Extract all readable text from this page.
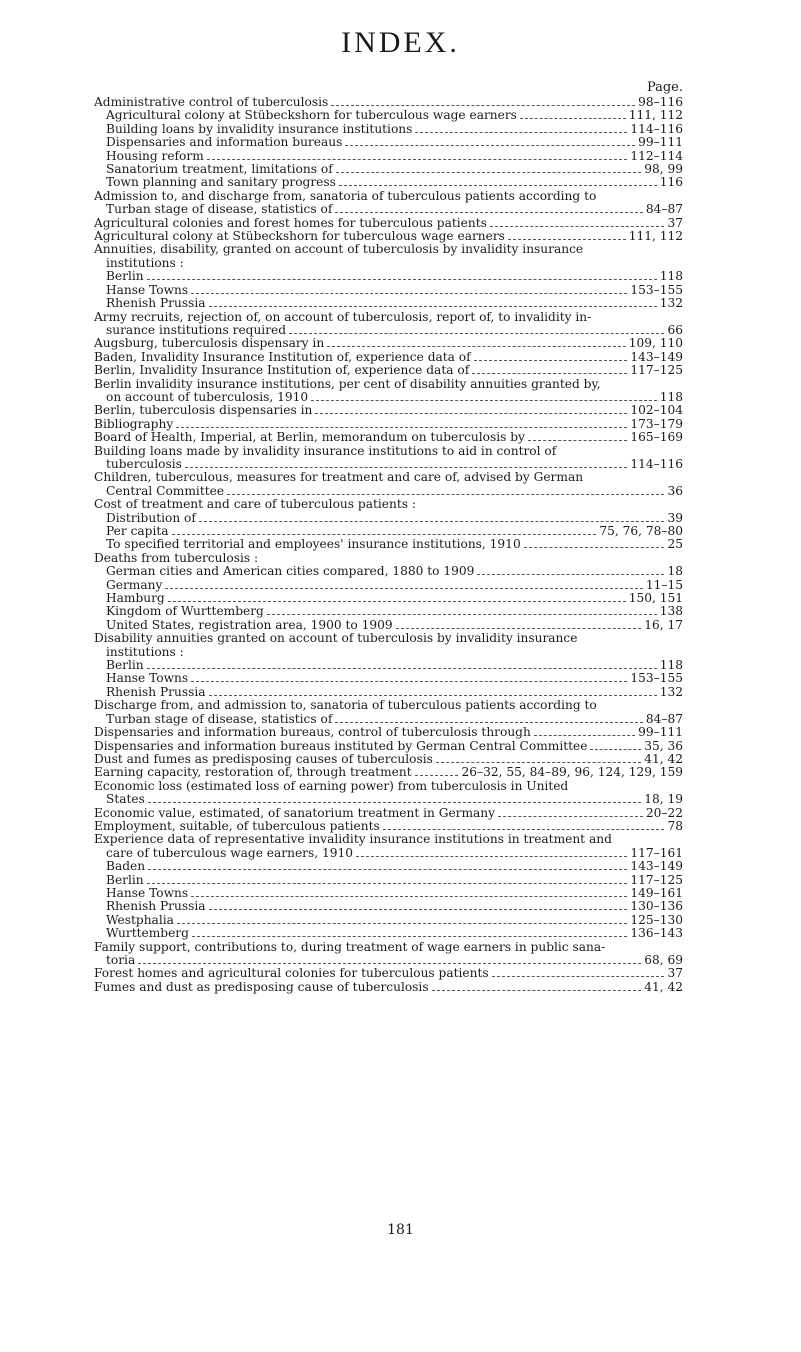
INDEX.
Page.
Administrative control of tuberculosis	98–116
Agricultural colony at Stübeckshorn for tuberculous wage earners	111, 112
Building loans by invalidity insurance institutions	114–116
Dispensaries and information bureaus	99–111
Housing reform	112–114
Sanatorium treatment, limitations of	98, 99
Town planning and sanitary progress	116
Admission to, and discharge from, sanatoria of tuberculous patients according to
Turban stage of disease, statistics of	84–87
Agricultural colonies and forest homes for tuberculous patients	37
Agricultural colony at Stübeckshorn for tuberculous wage earners	111, 112
Annuities, disability, granted on account of tuberculosis by invalidity insurance
institutions :
Berlin	118
Hanse Towns	153–155
Rhenish Prussia	132
Army recruits, rejection of, on account of tuberculosis, report of, to invalidity in-
surance institutions required	66
Augsburg, tuberculosis dispensary in	109, 110
Baden, Invalidity Insurance Institution of, experience data of	143–149
Berlin, Invalidity Insurance Institution of, experience data of	117–125
Berlin invalidity insurance institutions, per cent of disability annuities granted by,
on account of tuberculosis, 1910	118
Berlin, tuberculosis dispensaries in	102–104
Bibliography	173–179
Board of Health, Imperial, at Berlin, memorandum on tuberculosis by	165–169
Building loans made by invalidity insurance institutions to aid in control of
tuberculosis	114–116
Children, tuberculous, measures for treatment and care of, advised by German
Central Committee	36
Cost of treatment and care of tuberculous patients :
Distribution of	39
Per capita	75, 76, 78–80
To specified territorial and employees' insurance institutions, 1910	25
Deaths from tuberculosis :
German cities and American cities compared, 1880 to 1909	18
Germany	11–15
Hamburg	150, 151
Kingdom of Wurttemberg	138
United States, registration area, 1900 to 1909	16, 17
Disability annuities granted on account of tuberculosis by invalidity insurance
institutions :
Berlin	118
Hanse Towns	153–155
Rhenish Prussia	132
Discharge from, and admission to, sanatoria of tuberculous patients according to
Turban stage of disease, statistics of	84–87
Dispensaries and information bureaus, control of tuberculosis through	99–111
Dispensaries and information bureaus instituted by German Central Committee	35, 36
Dust and fumes as predisposing causes of tuberculosis	41, 42
Earning capacity, restoration of, through treatment	26–32, 55, 84–89, 96, 124, 129, 159
Economic loss (estimated loss of earning power) from tuberculosis in United
States	18, 19
Economic value, estimated, of sanatorium treatment in Germany	20–22
Employment, suitable, of tuberculous patients	78
Experience data of representative invalidity insurance institutions in treatment and
care of tuberculous wage earners, 1910	117–161
Baden	143–149
Berlin	117–125
Hanse Towns	149–161
Rhenish Prussia	130–136
Westphalia	125–130
Wurttemberg	136–143
Family support, contributions to, during treatment of wage earners in public sana-
toria	68, 69
Forest homes and agricultural colonies for tuberculous patients	37
Fumes and dust as predisposing cause of tuberculosis	41, 42
181
